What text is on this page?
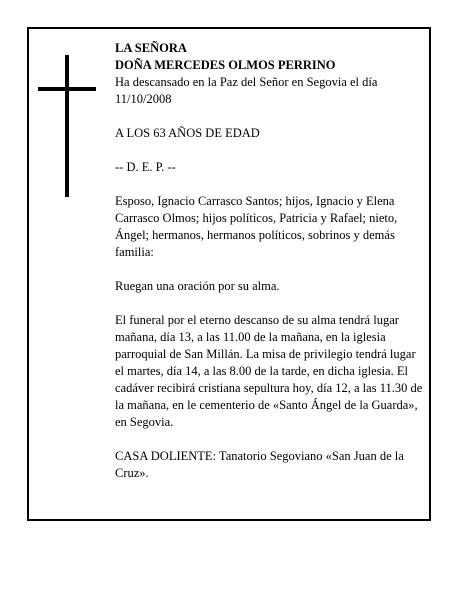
LA SEÑORA
DOÑA MERCEDES OLMOS PERRINO
Ha descansado en la Paz del Señor en Segovia el día 11/10/2008

A LOS 63 AÑOS DE EDAD

-- D. E. P. --

Esposo, Ignacio Carrasco Santos; hijos, Ignacio y Elena Carrasco Olmos; hijos políticos, Patricia y Rafael; nieto, Ángel; hermanos, hermanos políticos, sobrinos y demás familia:

Ruegan una oración por su alma.

El funeral por el eterno descanso de su alma tendrá lugar mañana, día 13, a las 11.00 de la mañana, en la iglesia parroquial de San Millán. La misa de privilegio tendrá lugar el martes, día 14, a las 8.00 de la tarde, en dicha iglesia. El cadáver recibirá cristiana sepultura hoy, día 12, a las 11.30 de la mañana, en le cementerio de «Santo Ángel de la Guarda», en Segovia.

CASA DOLIENTE: Tanatorio Segoviano «San Juan de la Cruz».
